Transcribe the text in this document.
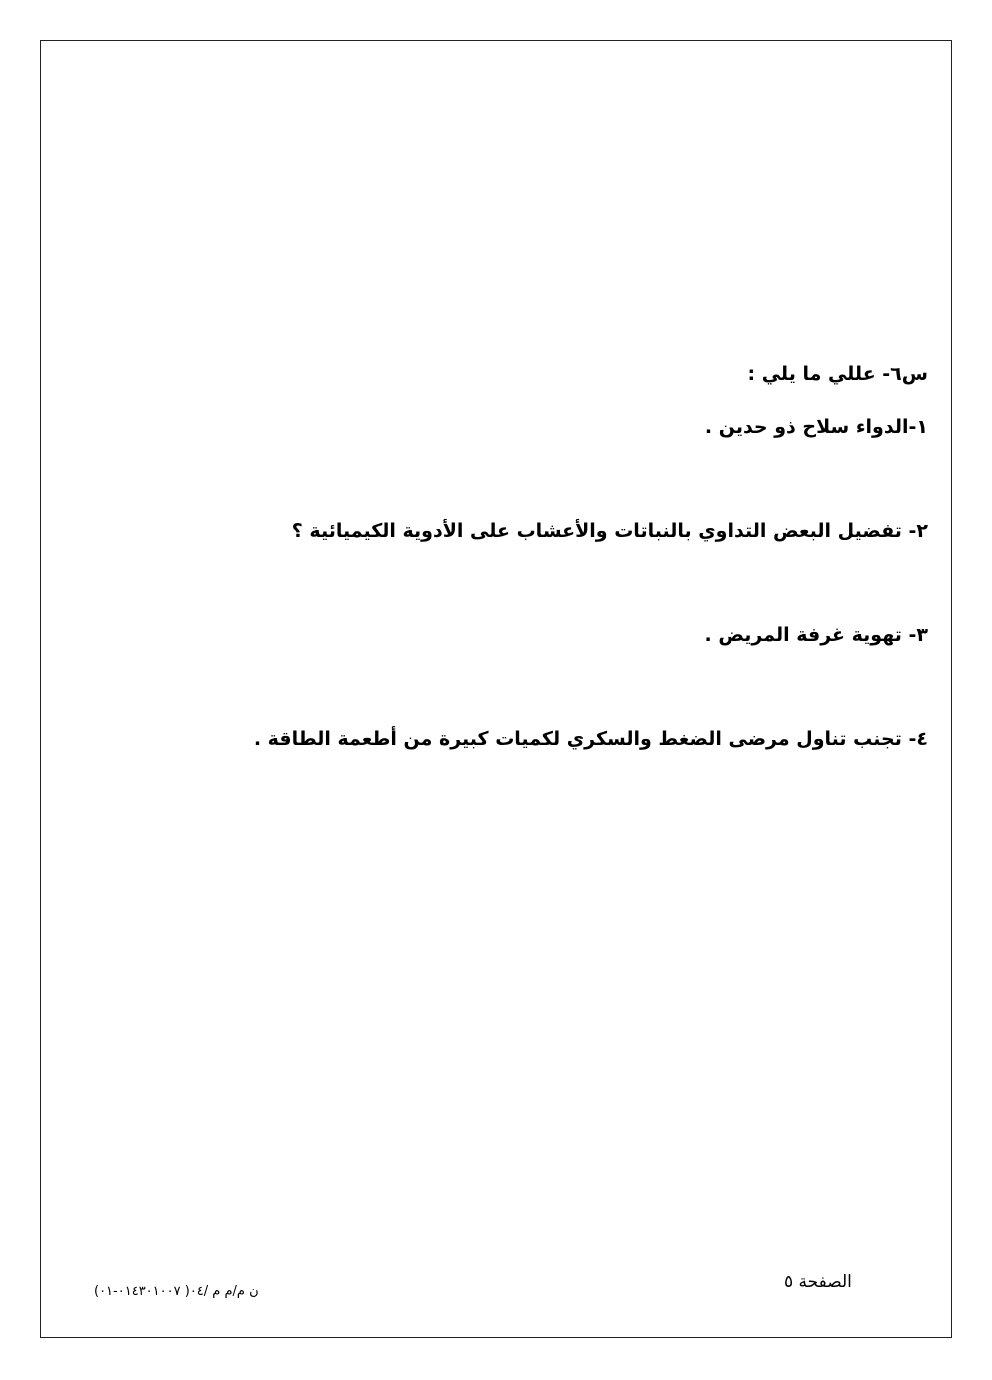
س٦- عللي ما يلي :
١-الدواء سلاح ذو حدين .
٢- تفضيل البعض التداوي بالنباتات والأعشاب على الأدوية الكيميائية ؟
٣- تهوية غرفة المريض .
٤- تجنب تناول مرضى الضغط والسكري لكميات كبيرة من أطعمة الطاقة .
الصفحة ٥
ن م/م م /٠٤( ٠١٤٣٠١٠٠٧-٠١)
